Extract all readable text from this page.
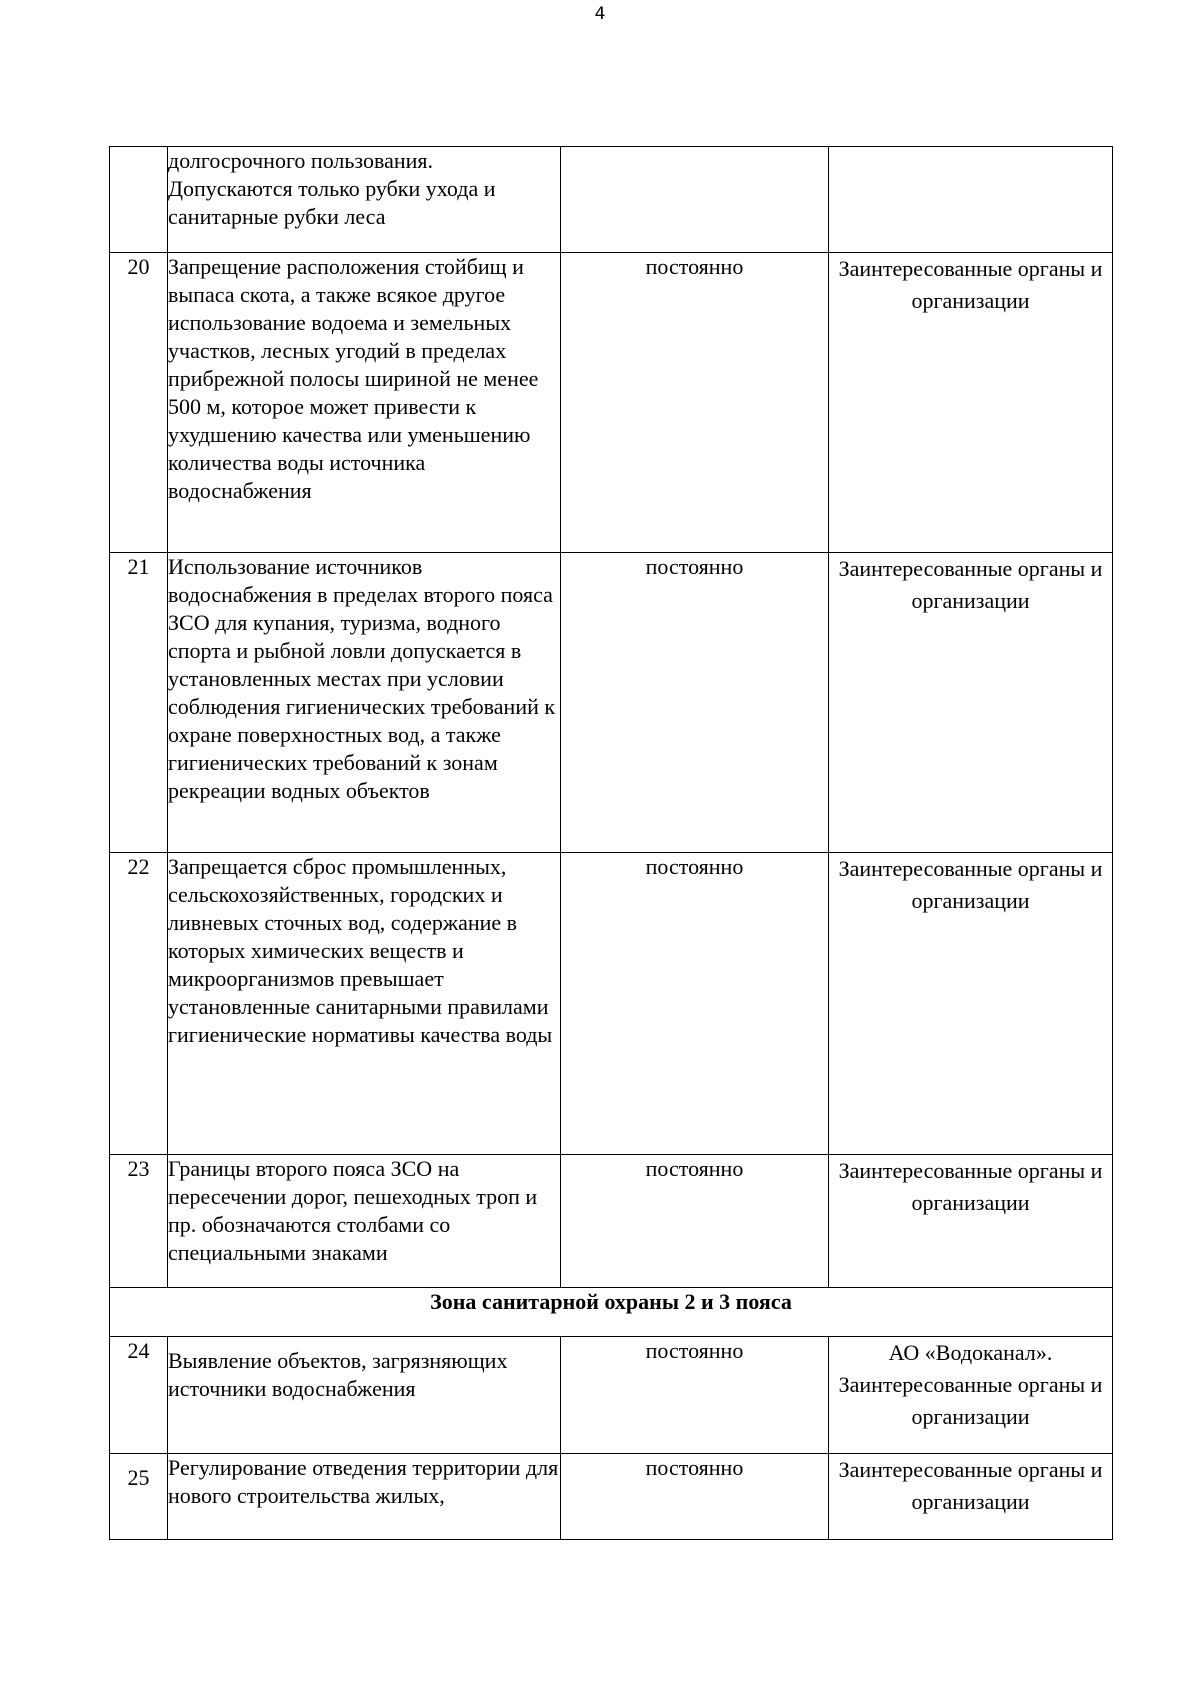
4
	долгосрочного пользования. Допускаются только рубки ухода и санитарные рубки леса		
20	Запрещение расположения стойбищ и выпаса скота, а также всякое другое использование водоема и земельных участков, лесных угодий в пределах прибрежной полосы шириной не менее 500 м, которое может привести к ухудшению качества или уменьшению количества воды источника водоснабжения	постоянно	Заинтересованные органы и организации
21	Использование источников водоснабжения в пределах второго пояса ЗСО для купания, туризма, водного спорта и рыбной ловли допускается в установленных местах при условии соблюдения гигиенических требований к охране поверхностных вод, а также гигиенических требований к зонам рекреации водных объектов	постоянно	Заинтересованные органы и организации
22	Запрещается сброс промышленных, сельскохозяйственных, городских и ливневых сточных вод, содержание в которых химических веществ и микроорганизмов превышает установленные санитарными правилами гигиенические нормативы качества воды	постоянно	Заинтересованные органы и организации
23	Границы второго пояса ЗСО на пересечении дорог, пешеходных троп и пр. обозначаются столбами со специальными знаками	постоянно	Заинтересованные органы и организации
Зона санитарной охраны 2 и 3 пояса			
24	Выявление объектов, загрязняющих источники водоснабжения	постоянно	АО «Водоканал». Заинтересованные органы и организации
25	Регулирование отведения территории для нового строительства жилых,	постоянно	Заинтересованные органы и организации
